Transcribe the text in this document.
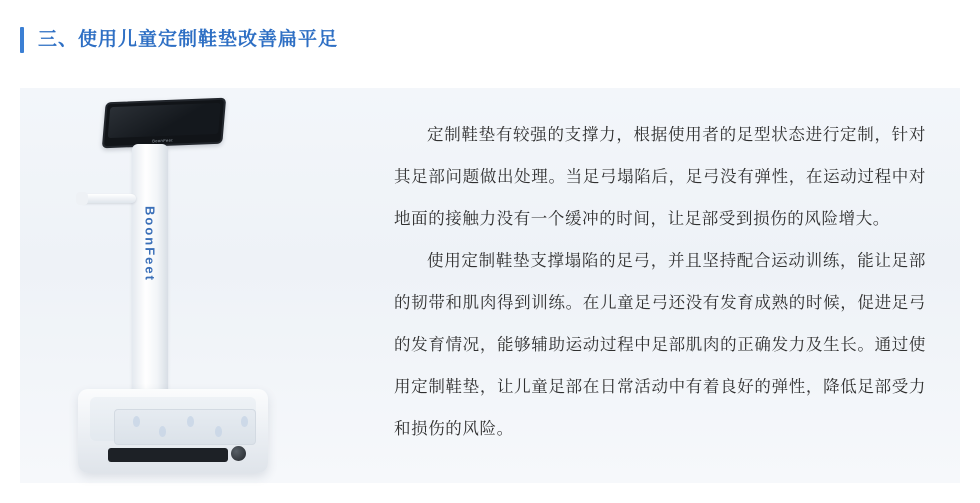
三、使用儿童定制鞋垫改善扁平足
BoonFeet
BoonFeet

定制鞋垫有较强的支撑力，根据使用者的足型状态进行定制，针对其足部问题做出处理。当足弓塌陷后，足弓没有弹性，在运动过程中对地面的接触力没有一个缓冲的时间，让足部受到损伤的风险增大。

使用定制鞋垫支撑塌陷的足弓，并且坚持配合运动训练，能让足部的韧带和肌肉得到训练。在儿童足弓还没有发育成熟的时候，促进足弓的发育情况，能够辅助运动过程中足部肌肉的正确发力及生长。通过使用定制鞋垫，让儿童足部在日常活动中有着良好的弹性，降低足部受力和损伤的风险。
